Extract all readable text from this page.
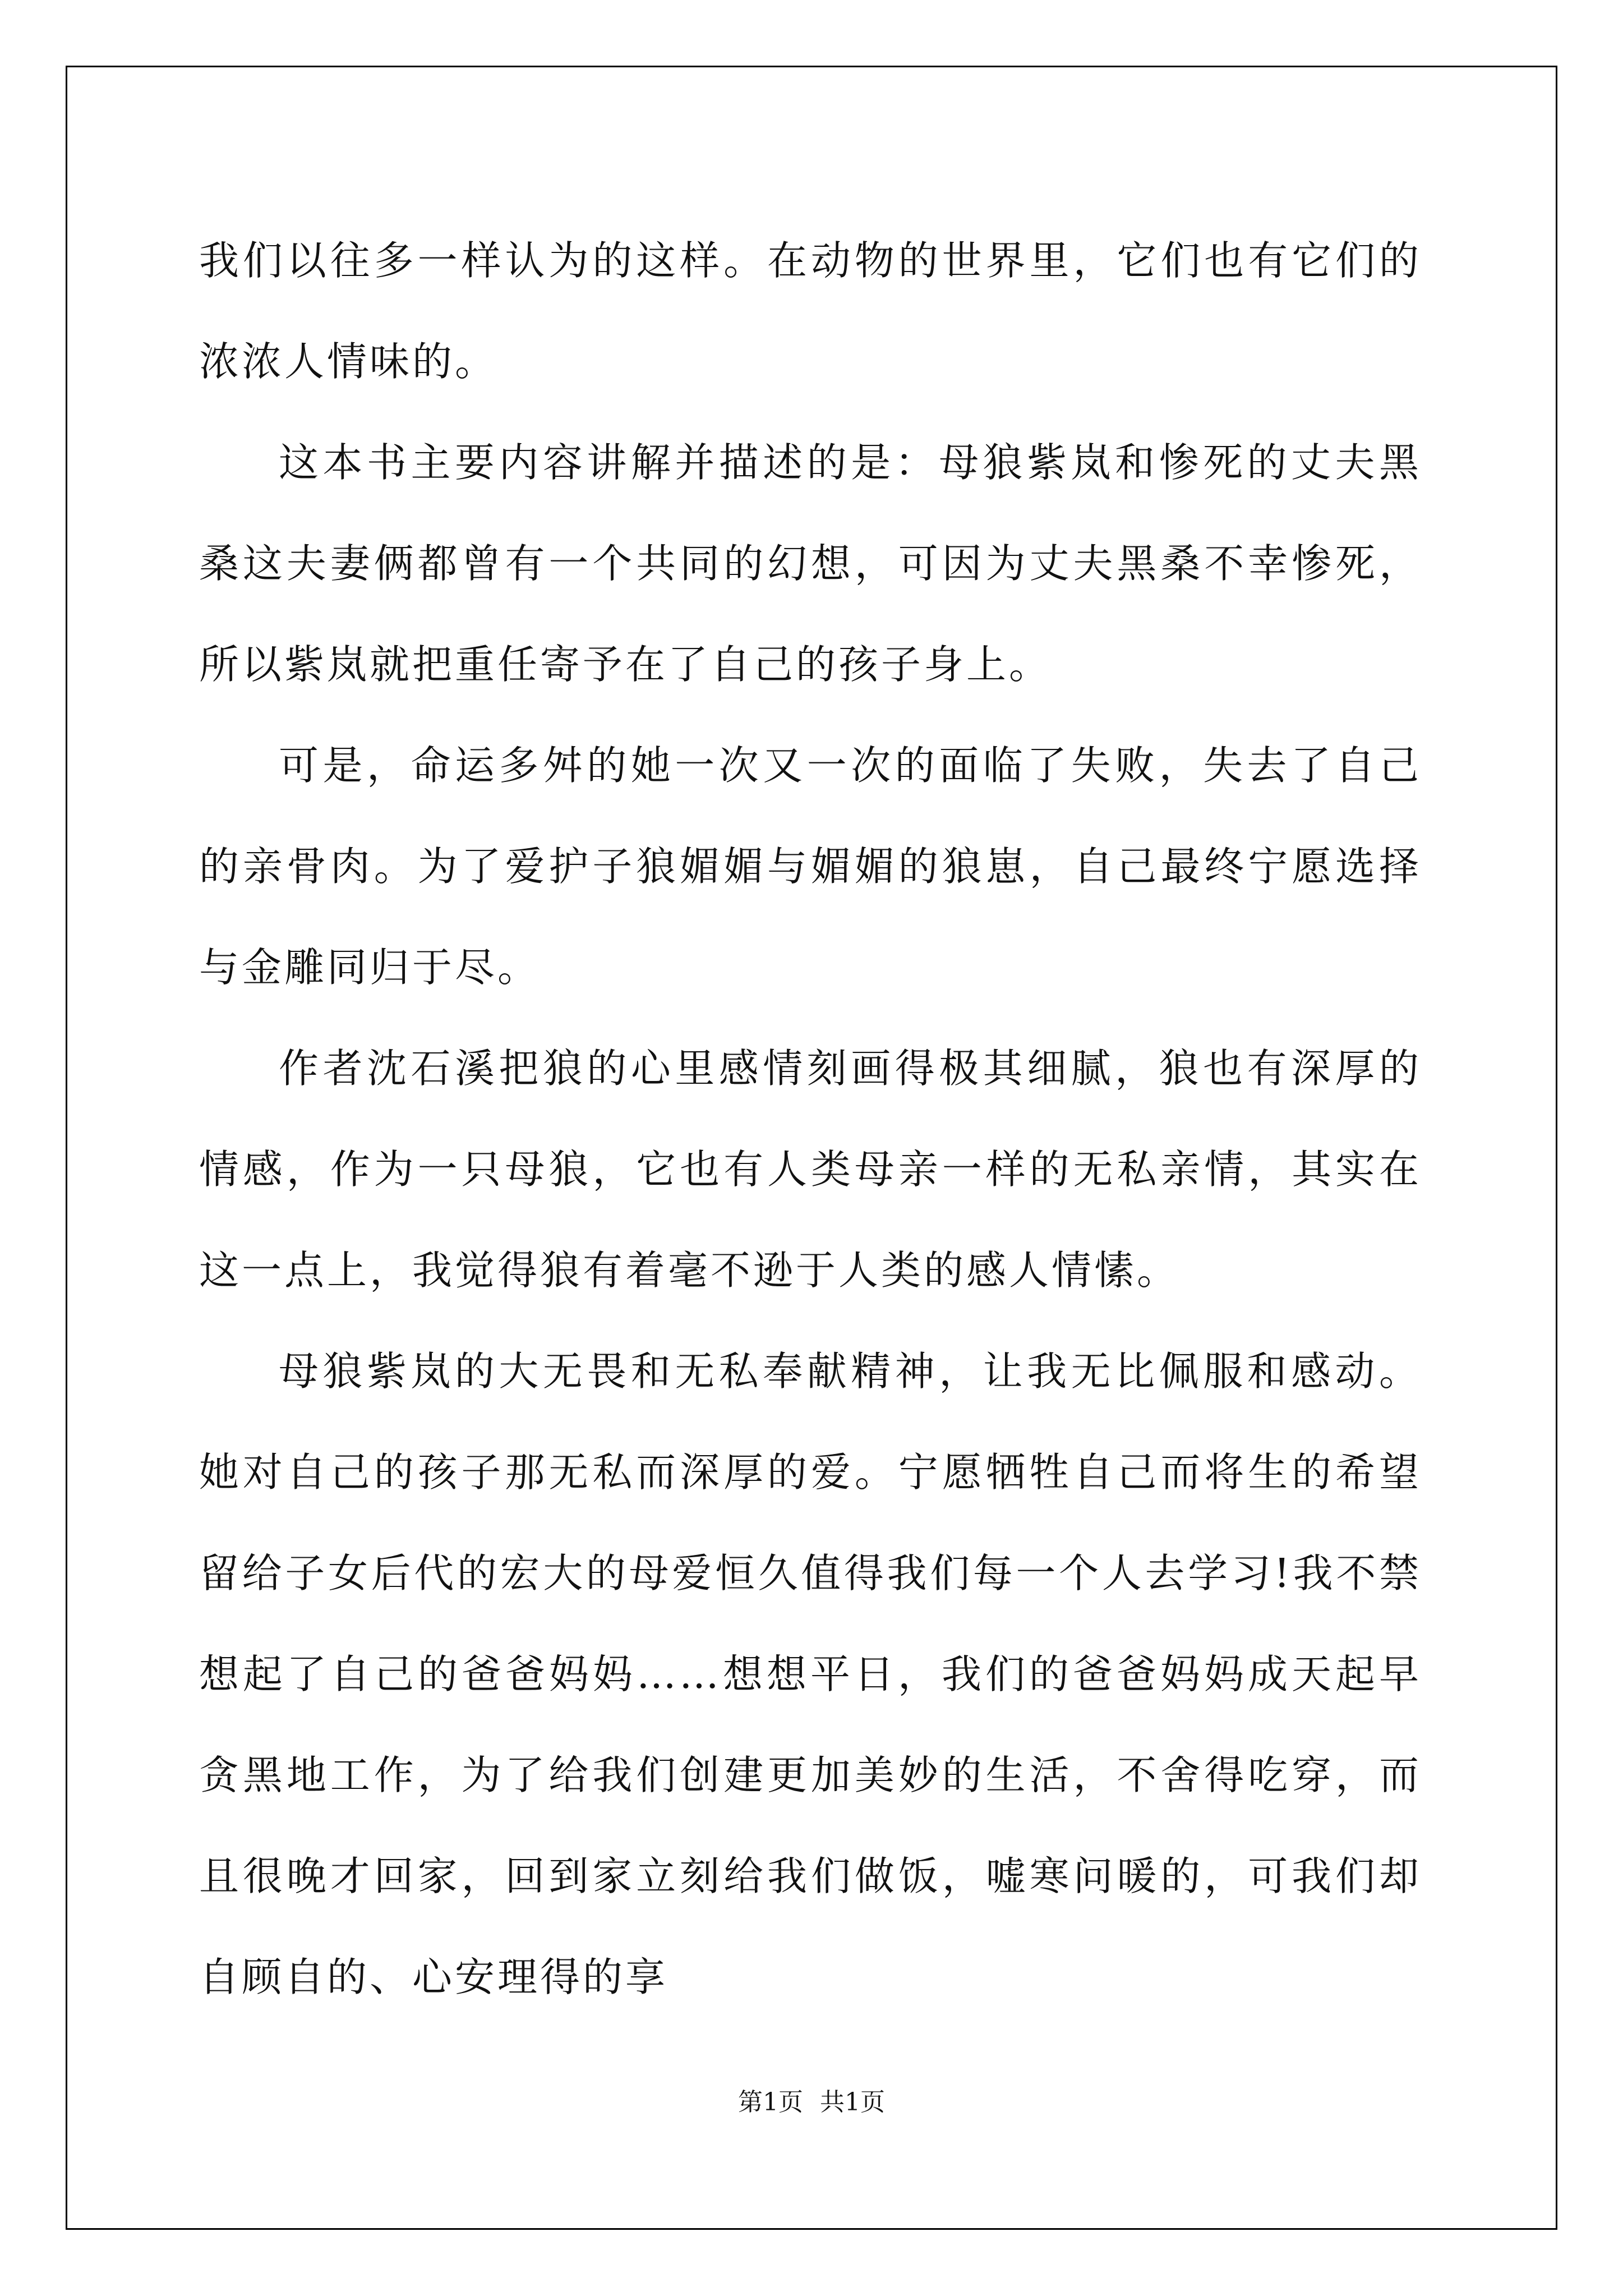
我们以往多一样认为的这样。在动物的世界里，它们也有它们的浓浓人情味的。

这本书主要内容讲解并描述的是：母狼紫岚和惨死的丈夫黑桑这夫妻俩都曾有一个共同的幻想，可因为丈夫黑桑不幸惨死，所以紫岚就把重任寄予在了自己的孩子身上。

可是，命运多舛的她一次又一次的面临了失败，失去了自己的亲骨肉。为了爱护子狼媚媚与媚媚的狼崽，自己最终宁愿选择与金雕同归于尽。

作者沈石溪把狼的心里感情刻画得极其细腻，狼也有深厚的情感，作为一只母狼，它也有人类母亲一样的无私亲情，其实在这一点上，我觉得狼有着毫不逊于人类的感人情愫。

母狼紫岚的大无畏和无私奉献精神，让我无比佩服和感动。她对自己的孩子那无私而深厚的爱。宁愿牺牲自己而将生的希望留给子女后代的宏大的母爱恒久值得我们每一个人去学习!我不禁想起了自己的爸爸妈妈……想想平日，我们的爸爸妈妈成天起早贪黑地工作，为了给我们创建更加美妙的生活，不舍得吃穿，而且很晚才回家，回到家立刻给我们做饭，嘘寒问暖的，可我们却自顾自的、心安理得的享

第1页 共1页
